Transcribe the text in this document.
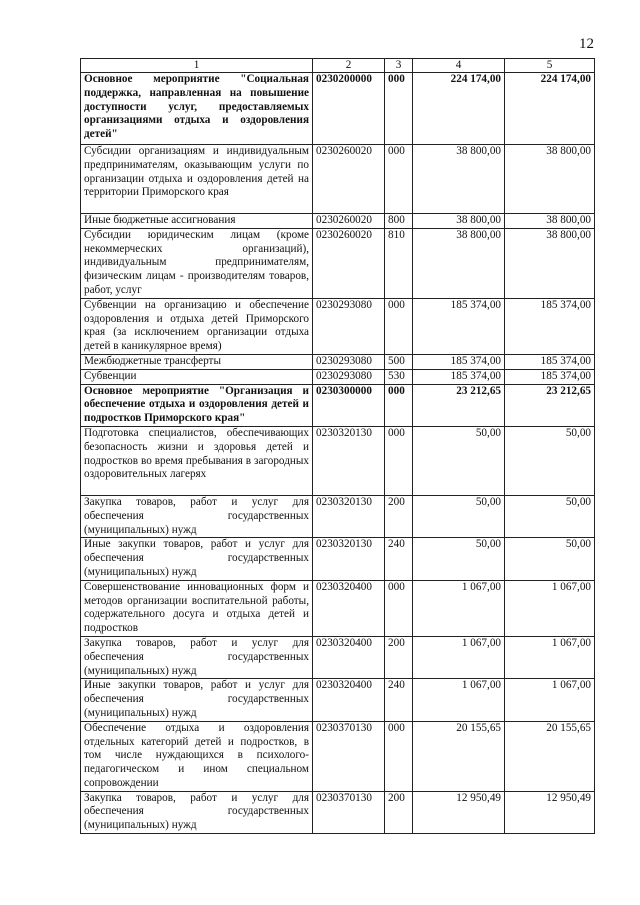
12
1	2	3	4	5
Основное мероприятие "Социальная поддержка, направленная на повышение доступности услуг, предоставляемых организациями отдыха и оздоровления детей"	0230200000	000	224 174,00	224 174,00
Субсидии организациям и индивидуальным предпринимателям, оказывающим услуги по организации отдыха и оздоровления детей на территории Приморского края	0230260020	000	38 800,00	38 800,00
Иные бюджетные ассигнования	0230260020	800	38 800,00	38 800,00
Субсидии юридическим лицам (кроме некоммерческих организаций), индивидуальным предпринимателям, физическим лицам - производителям товаров, работ, услуг	0230260020	810	38 800,00	38 800,00
Субвенции на организацию и обеспечение оздоровления и отдыха детей Приморского края (за исключением организации отдыха детей в каникулярное время)	0230293080	000	185 374,00	185 374,00
Межбюджетные трансферты	0230293080	500	185 374,00	185 374,00
Субвенции	0230293080	530	185 374,00	185 374,00
Основное мероприятие "Организация и обеспечение отдыха и оздоровления детей и подростков Приморского края"	0230300000	000	23 212,65	23 212,65
Подготовка специалистов, обеспечивающих безопасность жизни и здоровья детей и подростков во время пребывания в загородных оздоровительных лагерях	0230320130	000	50,00	50,00
Закупка товаров, работ и услуг для обеспечения государственных (муниципальных) нужд	0230320130	200	50,00	50,00
Иные закупки товаров, работ и услуг для обеспечения государственных (муниципальных) нужд	0230320130	240	50,00	50,00
Совершенствование инновационных форм и методов организации воспитательной работы, содержательного досуга и отдыха детей и подростков	0230320400	000	1 067,00	1 067,00
Закупка товаров, работ и услуг для обеспечения государственных (муниципальных) нужд	0230320400	200	1 067,00	1 067,00
Иные закупки товаров, работ и услуг для обеспечения государственных (муниципальных) нужд	0230320400	240	1 067,00	1 067,00
Обеспечение отдыха и оздоровления отдельных категорий детей и подростков, в том числе нуждающихся в психолого-педагогическом и ином специальном сопровождении	0230370130	000	20 155,65	20 155,65
Закупка товаров, работ и услуг для обеспечения государственных (муниципальных) нужд	0230370130	200	12 950,49	12 950,49
